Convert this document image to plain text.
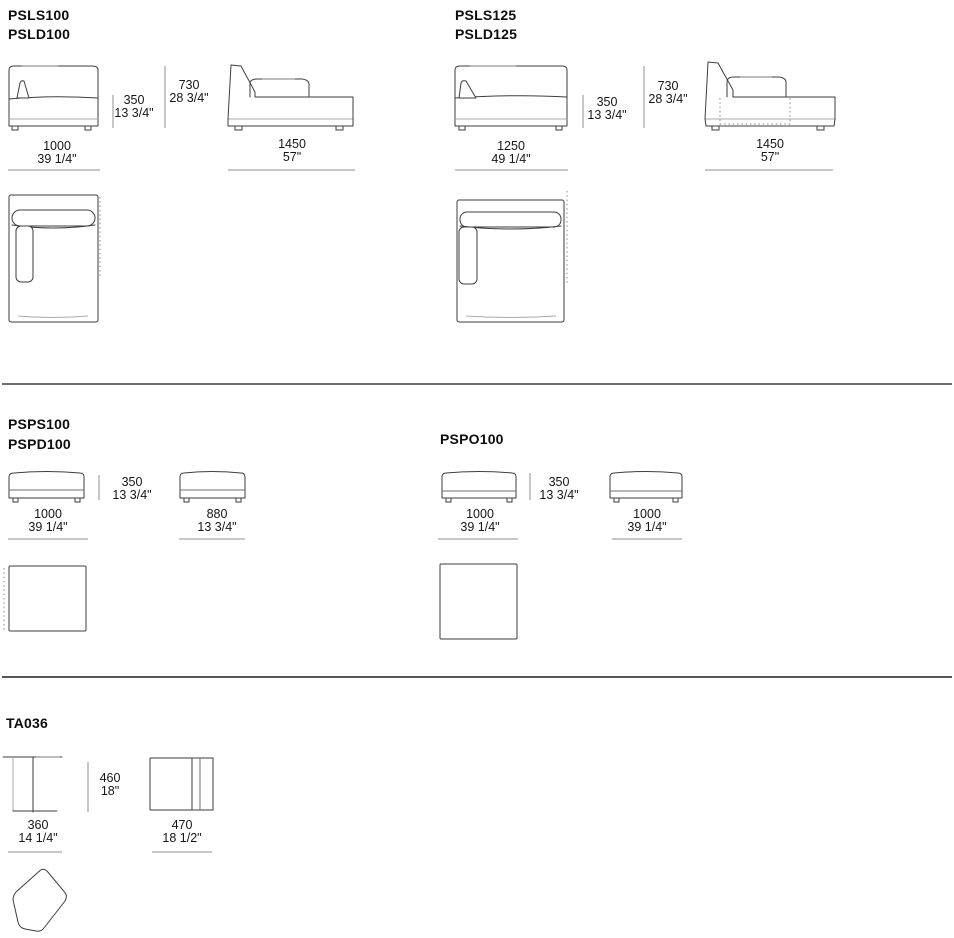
PSLS100
PSLD100
350
13 3/4"
730
28 3/4"
1000
39 1/4"
1450
57"
PSLS125
PSLD125
350
13 3/4"
730
28 3/4"
1250
49 1/4"
1450
57"
PSPS100
PSPD100
350
13 3/4"
1000
39 1/4"
880
13 3/4"
PSPO100
350
13 3/4"
1000
39 1/4"
1000
39 1/4"
TA036
460
18"
360
14 1/4"
470
18 1/2"
